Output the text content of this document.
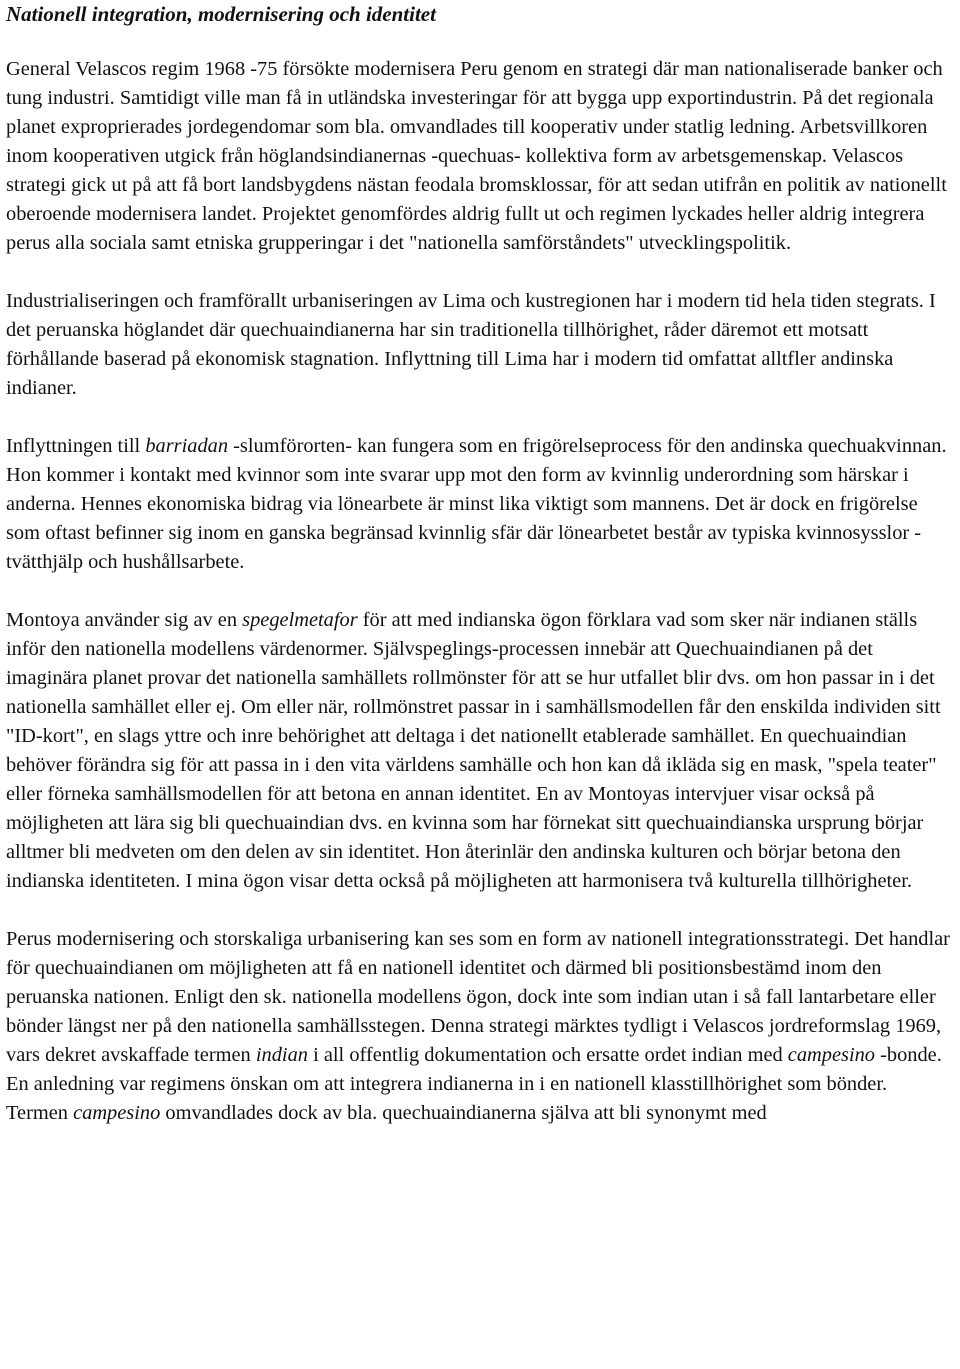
Nationell integration, modernisering och identitet

General Velascos regim 1968 -75 försökte modernisera Peru genom en strategi där man nationaliserade banker och tung industri. Samtidigt ville man få in utländska investeringar för att bygga upp exportindustrin. På det regionala planet exproprierades jordegendomar som bla. omvandlades till kooperativ under statlig ledning. Arbetsvillkoren inom kooperativen utgick från höglandsindianernas -quechuas- kollektiva form av arbetsgemenskap. Velascos strategi gick ut på att få bort landsbygdens nästan feodala bromsklossar, för att sedan utifrån en politik av nationellt oberoende modernisera landet. Projektet genomfördes aldrig fullt ut och regimen lyckades heller aldrig integrera perus alla sociala samt etniska grupperingar i det "nationella samförståndets" utvecklingspolitik.

Industrialiseringen och framförallt urbaniseringen av Lima och kustregionen har i modern tid hela tiden stegrats. I det peruanska höglandet där quechuaindianerna har sin traditionella tillhörighet, råder däremot ett motsatt förhållande baserad på ekonomisk stagnation. Inflyttning till Lima har i modern tid omfattat alltfler andinska indianer.

Inflyttningen till barriadan -slumförorten- kan fungera som en frigörelseprocess för den andinska quechuakvinnan. Hon kommer i kontakt med kvinnor som inte svarar upp mot den form av kvinnlig underordning som härskar i anderna. Hennes ekonomiska bidrag via lönearbete är minst lika viktigt som mannens. Det är dock en frigörelse som oftast befinner sig inom en ganska begränsad kvinnlig sfär där lönearbetet består av typiska kvinnosysslor - tvätthjälp och hushållsarbete.

Montoya använder sig av en spegelmetafor för att med indianska ögon förklara vad som sker när indianen ställs inför den nationella modellens värdenormer. Självspeglings-processen innebär att Quechuaindianen på det imaginära planet provar det nationella samhällets rollmönster för att se hur utfallet blir dvs. om hon passar in i det nationella samhället eller ej. Om eller när, rollmönstret passar in i samhällsmodellen får den enskilda individen sitt "ID-kort", en slags yttre och inre behörighet att deltaga i det nationellt etablerade samhället. En quechuaindian behöver förändra sig för att passa in i den vita världens samhälle och hon kan då ikläda sig en mask, "spela teater" eller förneka samhällsmodellen för att betona en annan identitet. En av Montoyas intervjuer visar också på möjligheten att lära sig bli quechuaindian dvs. en kvinna som har förnekat sitt quechuaindianska ursprung börjar alltmer bli medveten om den delen av sin identitet. Hon återinlär den andinska kulturen och börjar betona den indianska identiteten. I mina ögon visar detta också på möjligheten att harmonisera två kulturella tillhörigheter.

Perus modernisering och storskaliga urbanisering kan ses som en form av nationell integrationsstrategi. Det handlar för quechuaindianen om möjligheten att få en nationell identitet och därmed bli positionsbestämd inom den peruanska nationen. Enligt den sk. nationella modellens ögon, dock inte som indian utan i så fall lantarbetare eller bönder längst ner på den nationella samhällsstegen. Denna strategi märktes tydligt i Velascos jordreformslag 1969, vars dekret avskaffade termen indian i all offentlig dokumentation och ersatte ordet indian med campesino -bonde. En anledning var regimens önskan om att integrera indianerna in i en nationell klasstillhörighet som bönder.

Termen campesino omvandlades dock av bla. quechuaindianerna själva att bli synonymt med
